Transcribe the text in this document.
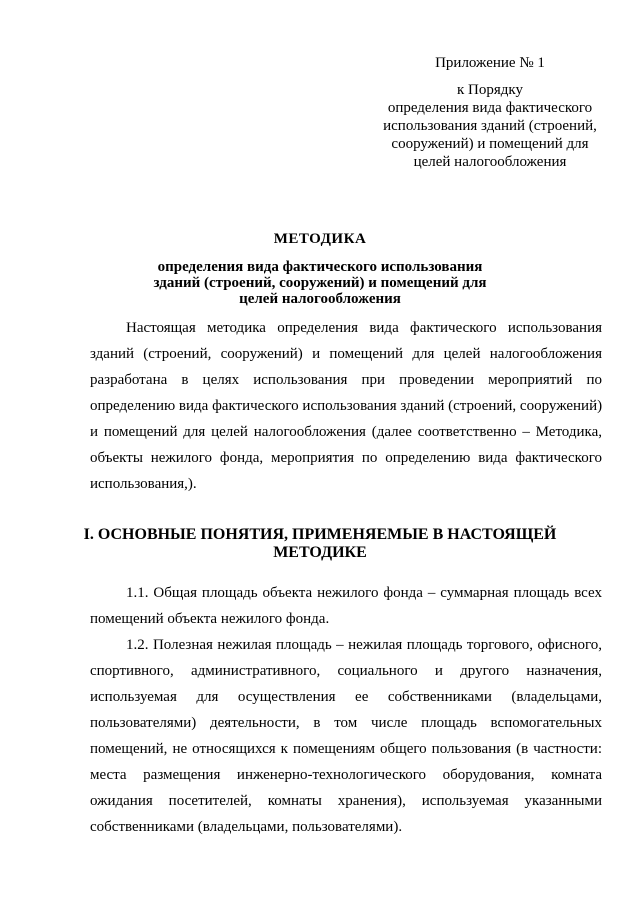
Приложение № 1
к Порядку
определения вида фактического
использования зданий (строений,
сооружений) и помещений для
целей налогообложения
МЕТОДИКА
определения вида фактического использования
зданий (строений, сооружений) и помещений для
целей налогообложения
Настоящая методика определения вида фактического использования
зданий (строений, сооружений) и помещений для целей налогообложения
разработана в целях использования при проведении мероприятий по
определению вида фактического использования зданий (строений, сооружений)
и помещений для целей налогообложения (далее соответственно – Методика,
объекты нежилого фонда, мероприятия по определению вида фактического
использования,).
I. ОСНОВНЫЕ ПОНЯТИЯ, ПРИМЕНЯЕМЫЕ В НАСТОЯЩЕЙ
МЕТОДИКЕ
1.1. Общая площадь объекта нежилого фонда – суммарная площадь всех
помещений объекта нежилого фонда.
1.2. Полезная нежилая площадь – нежилая площадь торгового, офисного,
спортивного, административного, социального и другого назначения,
используемая для осуществления ее собственниками (владельцами,
пользователями) деятельности, в том числе площадь вспомогательных
помещений, не относящихся к помещениям общего пользования (в частности:
места размещения инженерно-технологического оборудования, комната
ожидания посетителей, комнаты хранения), используемая указанными
собственниками (владельцами, пользователями).
